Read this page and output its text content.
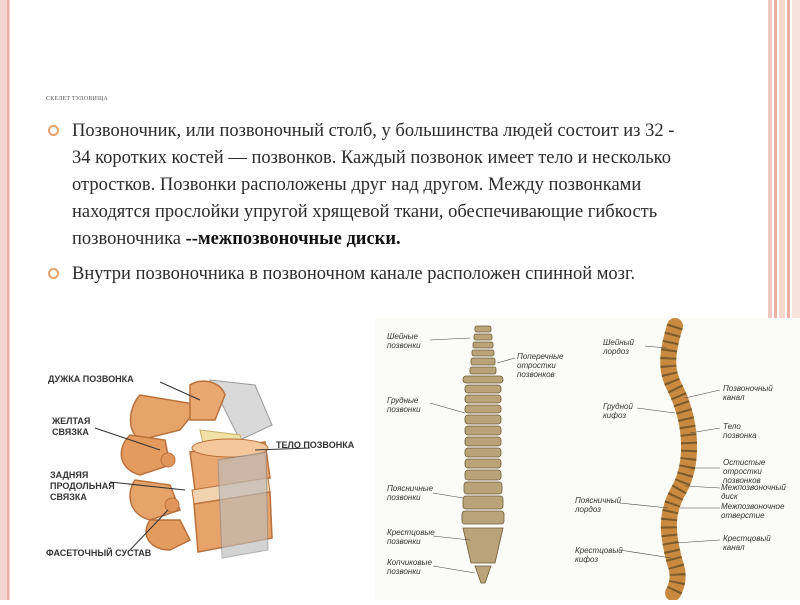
СКЕЛЕТ ТУЛОВИЩА
Позвоночник, или позвоночный столб, у большинства людей состоит из 32 - 34 коротких костей — позвонков. Каждый позвонок имеет тело и несколько отростков. Позвонки расположены друг над другом. Между позвонками находятся прослойки упругой хрящевой ткани, обеспечивающие гибкость позвоночника --межпозвоночные диски.
Внутри позвоночника в позвоночном канале расположен спинной мозг.
ДУЖКА ПОЗВОНКА
ЖЕЛТАЯ
СВЯЗКА
ТЕЛО ПОЗВОНКА
ЗАДНЯЯ
ПРОДОЛЬНАЯ
СВЯЗКА
ФАСЕТОЧНЫЙ СУСТАВ
Шейные
позвонки
Поперечные
отростки
позвонков
Грудные
позвонки
Поясничные
позвонки
Крестцовые
позвонки
Копчиковые
позвонки
Шейный
лордоз
Грудной
кифоз
Поясничный
лордоз
Крестцовый
кифоз
Позвоночный
канал
Тело
позвонка
Остистые
отростки
позвонков
Межпозвоночный
диск
Межпозвоночное
отверстие
Крестцовый
канал
